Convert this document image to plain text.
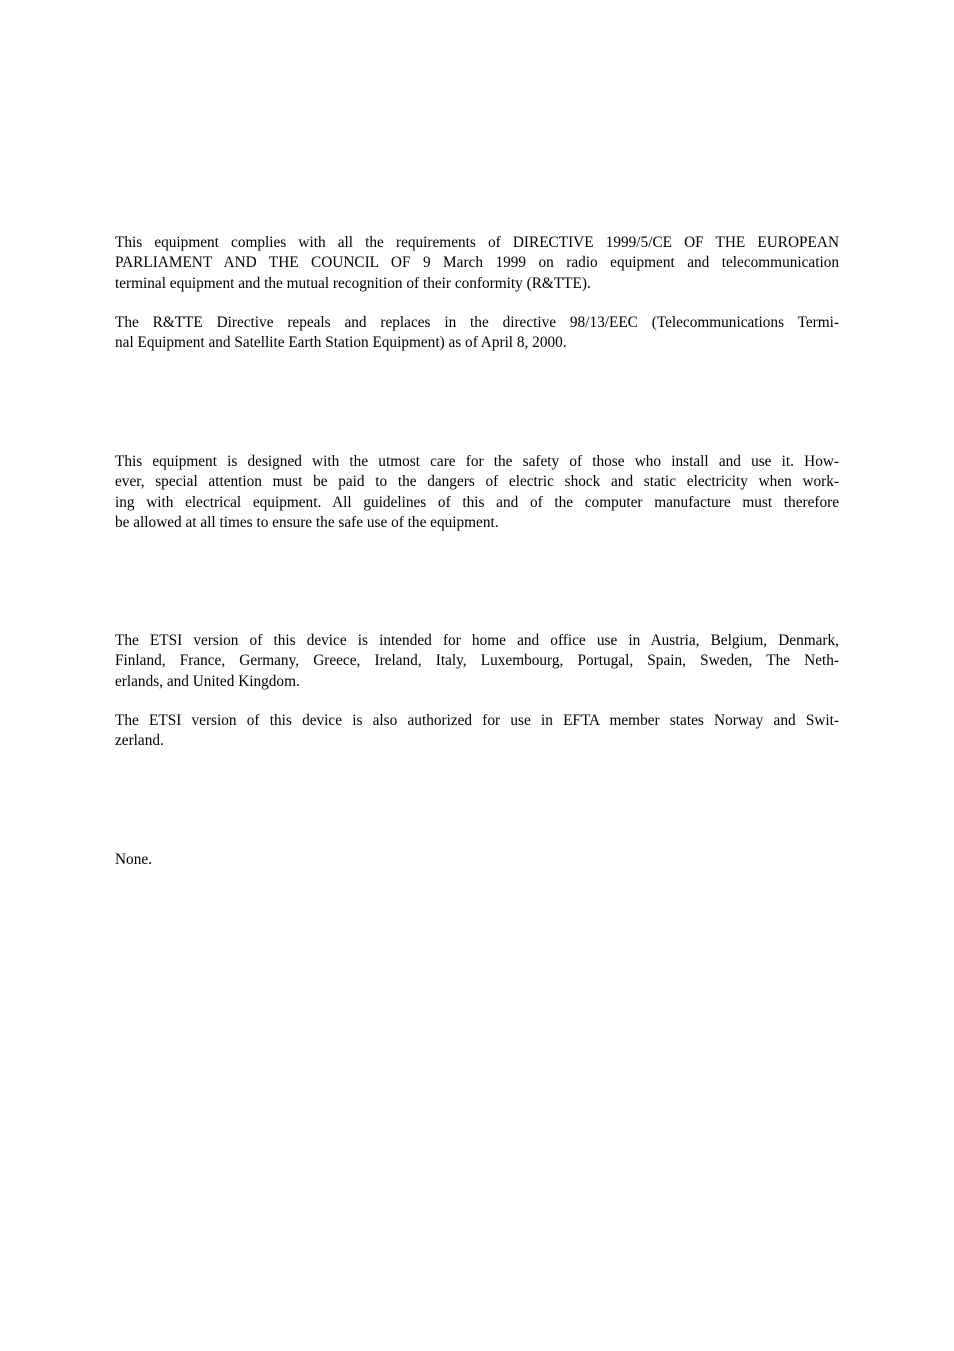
This equipment complies with all the requirements of DIRECTIVE 1999/5/CE OF THE EUROPEAN
PARLIAMENT AND THE COUNCIL OF 9 March 1999 on radio equipment and telecommunication
terminal equipment and the mutual recognition of their conformity (R&TTE).

The R&TTE Directive repeals and replaces in the directive 98/13/EEC (Telecommunications Termi-
nal Equipment and Satellite Earth Station Equipment) as of April 8, 2000.

This equipment is designed with the utmost care for the safety of those who install and use it. How-
ever, special attention must be paid to the dangers of electric shock and static electricity when work-
ing with electrical equipment. All guidelines of this and of the computer manufacture must therefore
be allowed at all times to ensure the safe use of the equipment.

The ETSI version of this device is intended for home and office use in Austria, Belgium, Denmark,
Finland, France, Germany, Greece, Ireland, Italy, Luxembourg, Portugal, Spain, Sweden, The Neth-
erlands, and United Kingdom.

The ETSI version of this device is also authorized for use in EFTA member states Norway and Swit-
zerland.

None.
